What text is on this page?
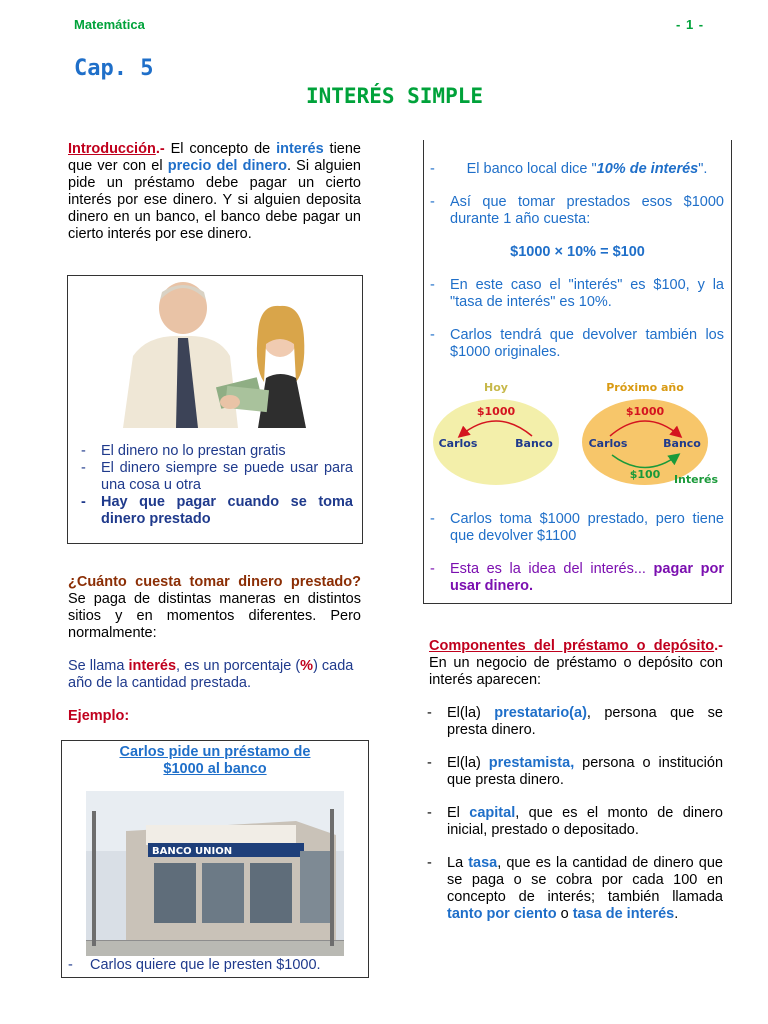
Matemática	- 1 -
Cap. 5
INTERÉS SIMPLE
Introducción.- El concepto de interés tiene que ver con el precio del dinero. Si alguien pide un préstamo debe pagar un cierto interés por ese dinero. Y si alguien deposita dinero en un banco, el banco debe pagar un cierto interés por ese dinero.
- El dinero no lo prestan gratis
- El dinero siempre se puede usar para una cosa u otra
- Hay que pagar cuando se toma dinero prestado
¿Cuánto cuesta tomar dinero prestado? Se paga de distintas maneras en distintos sitios y en momentos diferentes. Pero normalmente:
Se llama interés, es un porcentaje (%) cada año de la cantidad prestada.
Ejemplo:
Carlos pide un préstamo de $1000 al banco
BANCO UNION
- Carlos quiere que le presten $1000.
- El banco local dice "10% de interés".
- Así que tomar prestados esos $1000 durante 1 año cuesta:
$1000 × 10% = $100
- En este caso el "interés" es $100, y la "tasa de interés" es 10%.
- Carlos tendrá que devolver también los $1000 originales.
Hoy	Próximo año
$1000	$1000
Carlos	Banco	Carlos	Banco
$100 Interés
- Carlos toma $1000 prestado, pero tiene que devolver $1100
- Esta es la idea del interés... pagar por usar dinero.
Componentes del préstamo o depósito.- En un negocio de préstamo o depósito con interés aparecen:
- El(la) prestatario(a), persona que se presta dinero.
- El(la) prestamista, persona o institución que presta dinero.
- El capital, que es el monto de dinero inicial, prestado o depositado.
- La tasa, que es la cantidad de dinero que se paga o se cobra por cada 100 en concepto de interés; también llamada tanto por ciento o tasa de interés.
